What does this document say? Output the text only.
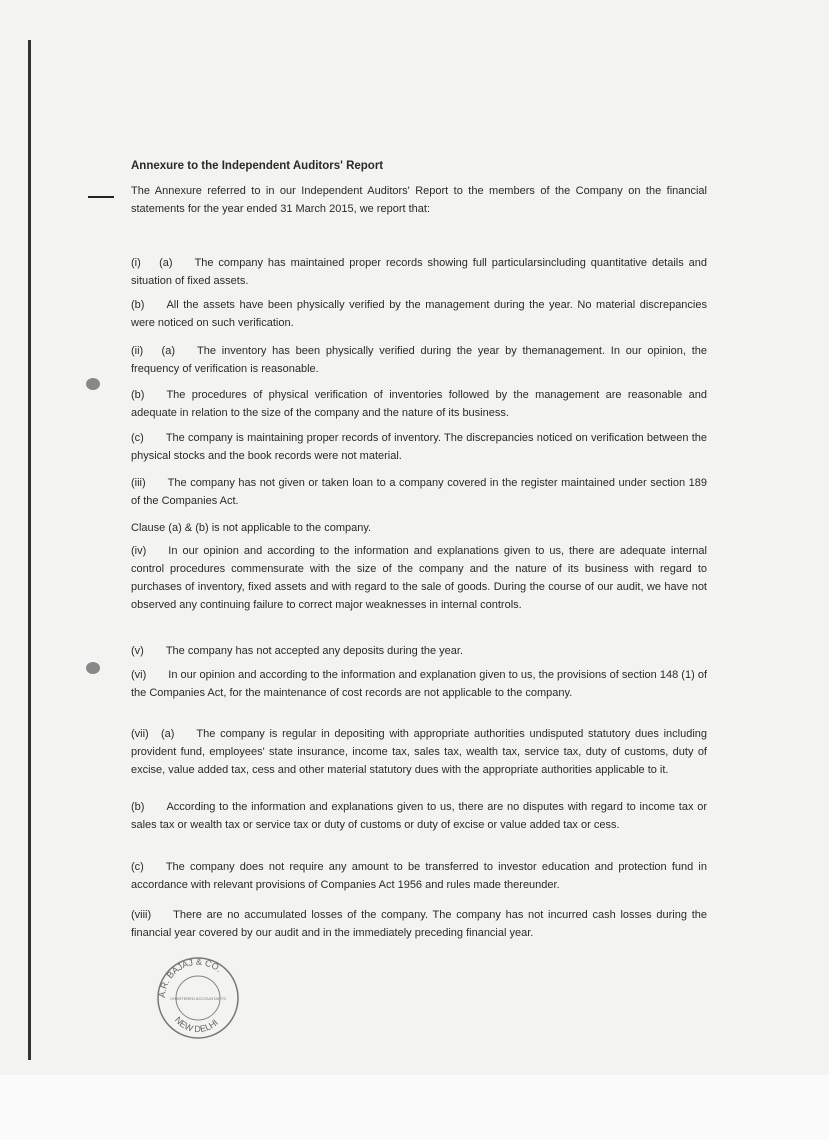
Annexure to the Independent Auditors' Report
The Annexure referred to in our Independent Auditors' Report to the members of the Company on the financial statements for the year ended 31 March 2015, we report that:
(i)      (a) The company has maintained proper records showing full particularsincluding quantitative details and situation of fixed assets.
(b) All the assets have been physically verified by the management during the year. No material discrepancies were noticed on such verification.
(ii)      (a) The inventory has been physically verified during the year by themanagement. In our opinion, the frequency of verification is reasonable.
(b) The procedures of physical verification of inventories followed by the management are reasonable and adequate in relation to the size of the company and the nature of its business.
(c) The company is maintaining proper records of inventory. The discrepancies noticed on verification between the physical stocks and the book records were not material.
(iii) The company has not given or taken loan to a company covered in the register maintained under section 189 of the Companies Act.
Clause (a) & (b) is not applicable to the company.
(iv) In our opinion and according to the information and explanations given to us, there are adequate internal control procedures commensurate with the size of the company and the nature of its business with regard to purchases of inventory, fixed assets and with regard to the sale of goods. During the course of our audit, we have not observed any continuing failure to correct major weaknesses in internal controls.
(v) The company has not accepted any deposits during the year.
(vi) In our opinion and according to the information and explanation given to us, the provisions of section 148 (1) of the Companies Act, for the maintenance of cost records are not applicable to the company.
(vii)    (a) The company is regular in depositing with appropriate authorities undisputed statutory dues including provident fund, employees' state insurance, income tax, sales tax, wealth tax, service tax, duty of customs, duty of excise, value added tax, cess and other material statutory dues with the appropriate authorities applicable to it.
(b) According to the information and explanations given to us, there are no disputes with regard to income tax or sales tax or wealth tax or service tax or duty of customs or duty of excise or value added tax or cess.
(c) The company does not require any amount to be transferred to investor education and protection fund in accordance with relevant provisions of Companies Act 1956 and rules made thereunder.
(viii) There are no accumulated losses of the company. The company has not incurred cash losses during the financial year covered by our audit and in the immediately preceding financial year.
A.R. BAJAJ & CO.
NEW DELHI
CHARTERED ACCOUNTANTS
